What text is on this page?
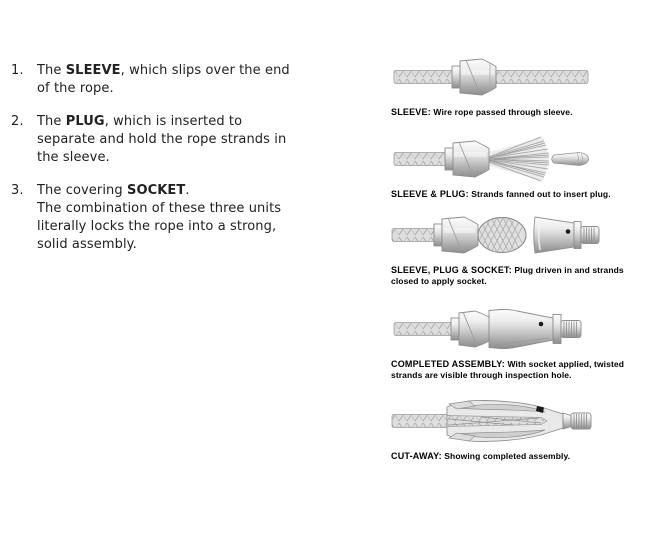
1.	The SLEEVE, which slips over the end
of the rope.

2.	The PLUG, which is inserted to
separate and hold the rope strands in
the sleeve.

3.	The covering SOCKET.
The combination of these three units
literally locks the rope into a strong,
solid assembly.

SLEEVE: Wire rope passed through sleeve.
SLEEVE & PLUG: Strands fanned out to insert plug.
SLEEVE, PLUG & SOCKET: Plug driven in and strands closed to apply socket.
COMPLETED ASSEMBLY: With socket applied, twisted strands are visible through inspection hole.
CUT-AWAY: Showing completed assembly.
